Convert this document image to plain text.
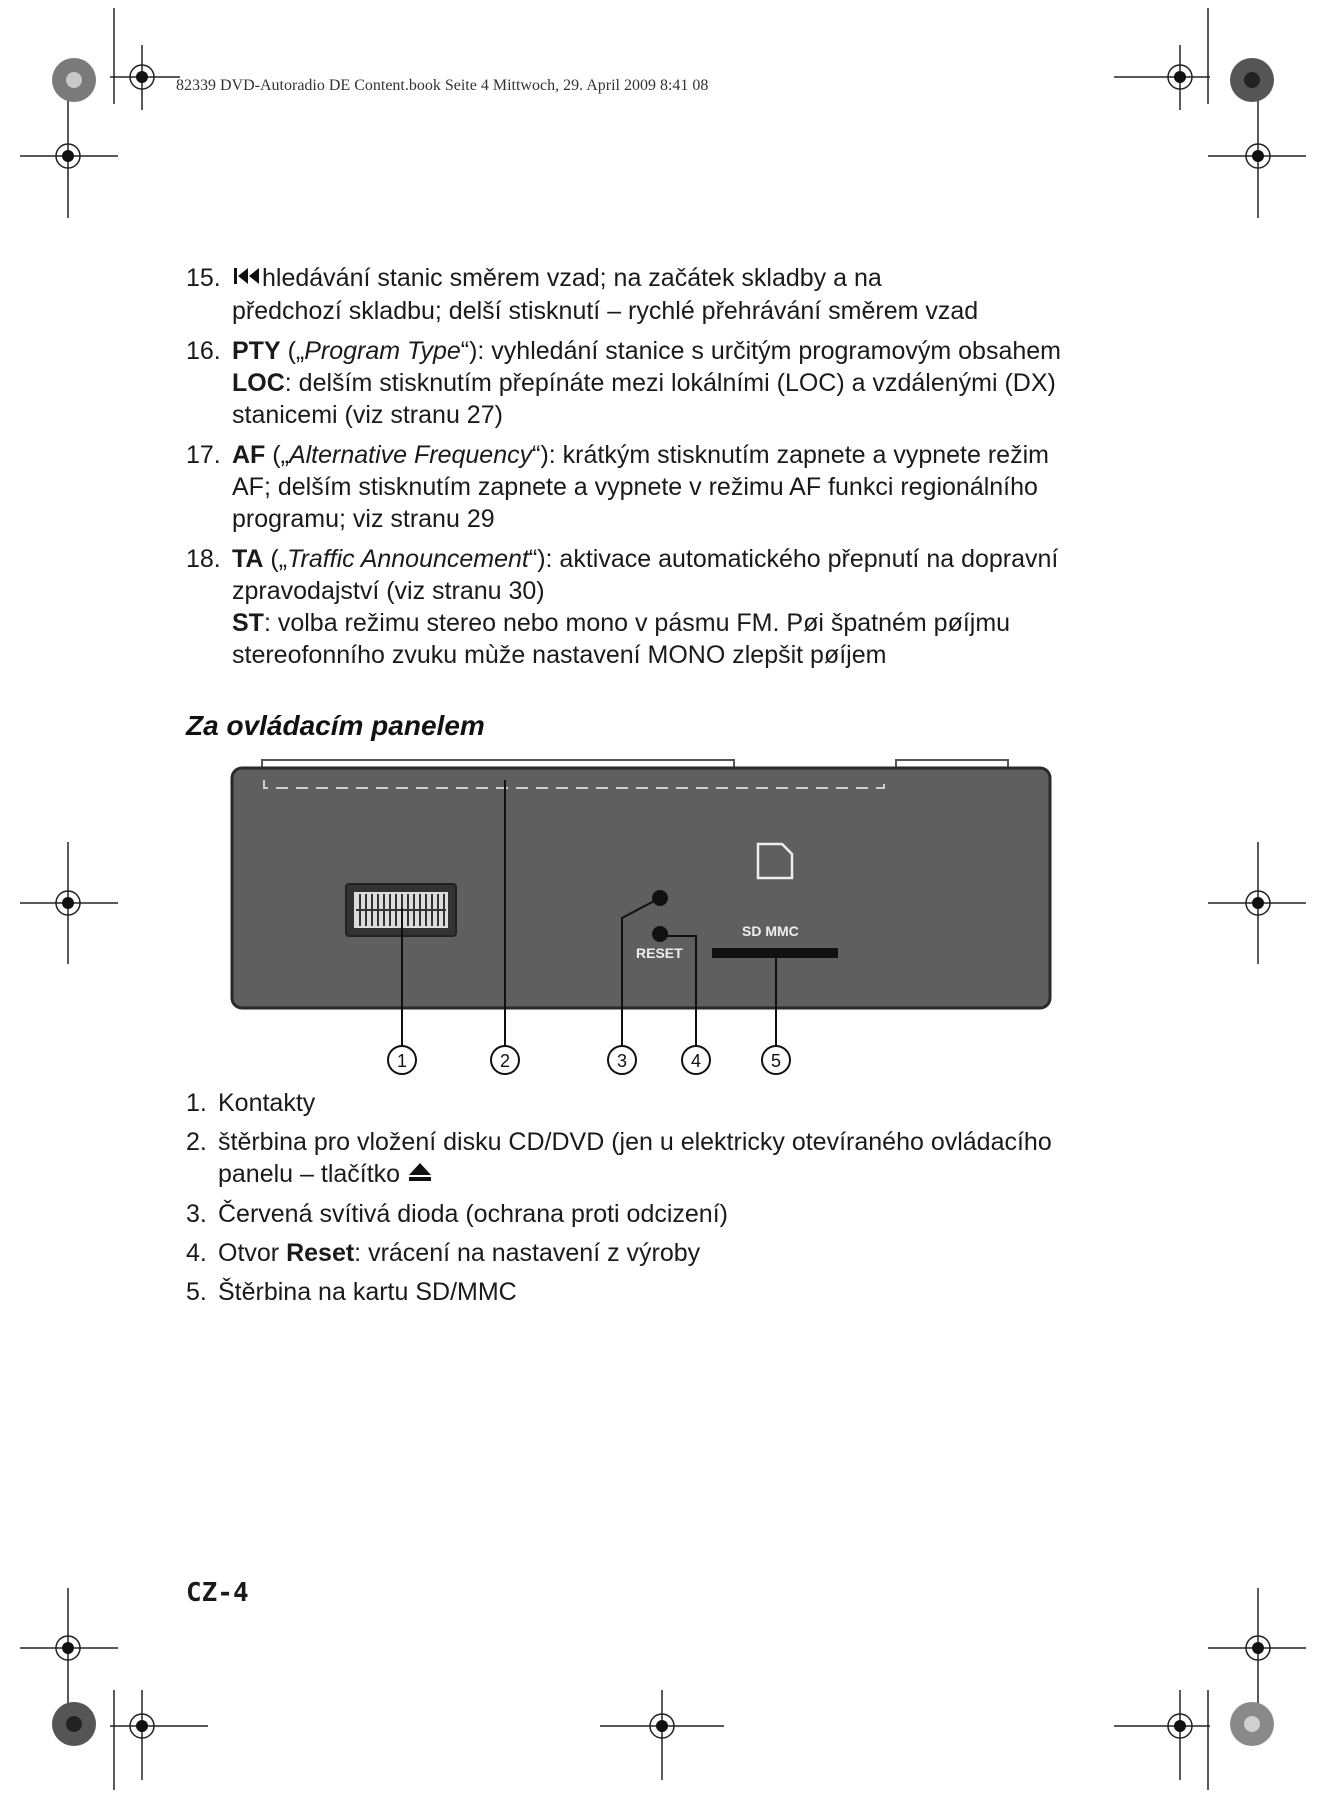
82339 DVD-Autoradio DE Content.book Seite 4 Mittwoch, 29. April 2009 8:41 08
15.	hledávání stanic směrem vzad; na začátek skladby a na
předchozí skladbu; delší stisknutí – rychlé přehrávání směrem vzad

16. PTY („Program Type“): vyhledání stanice s určitým programovým obsahem

LOC: delším stisknutím přepínáte mezi lokálními (LOC) a vzdálenými (DX) stanicemi (viz stranu 27)

17. AF („Alternative Frequency“): krátkým stisknutím zapnete a vypnete režim AF; delším stisknutím zapnete a vypnete v režimu AF funkci regionálního programu; viz stranu 29

18. TA („Traffic Announcement“): aktivace automatického přepnutí na dopravní zpravodajství (viz stranu 30)

ST: volba režimu stereo nebo mono v pásmu FM. Pøi špatném pøíjmu stereofonního zvuku mùže nastavení MONO zlepšit pøíjem

Za ovládacím panelem
RESET
SD MMC
1	2	3	4	5
1. Kontakty

2. štěrbina pro vložení disku CD/DVD (jen u elektricky otevíraného ovládacího panelu – tlačítko

3. Červená svítivá dioda (ochrana proti odcizení)

4. Otvor Reset: vrácení na nastavení z výroby

5. Štěrbina na kartu SD/MMC

CZ-4
